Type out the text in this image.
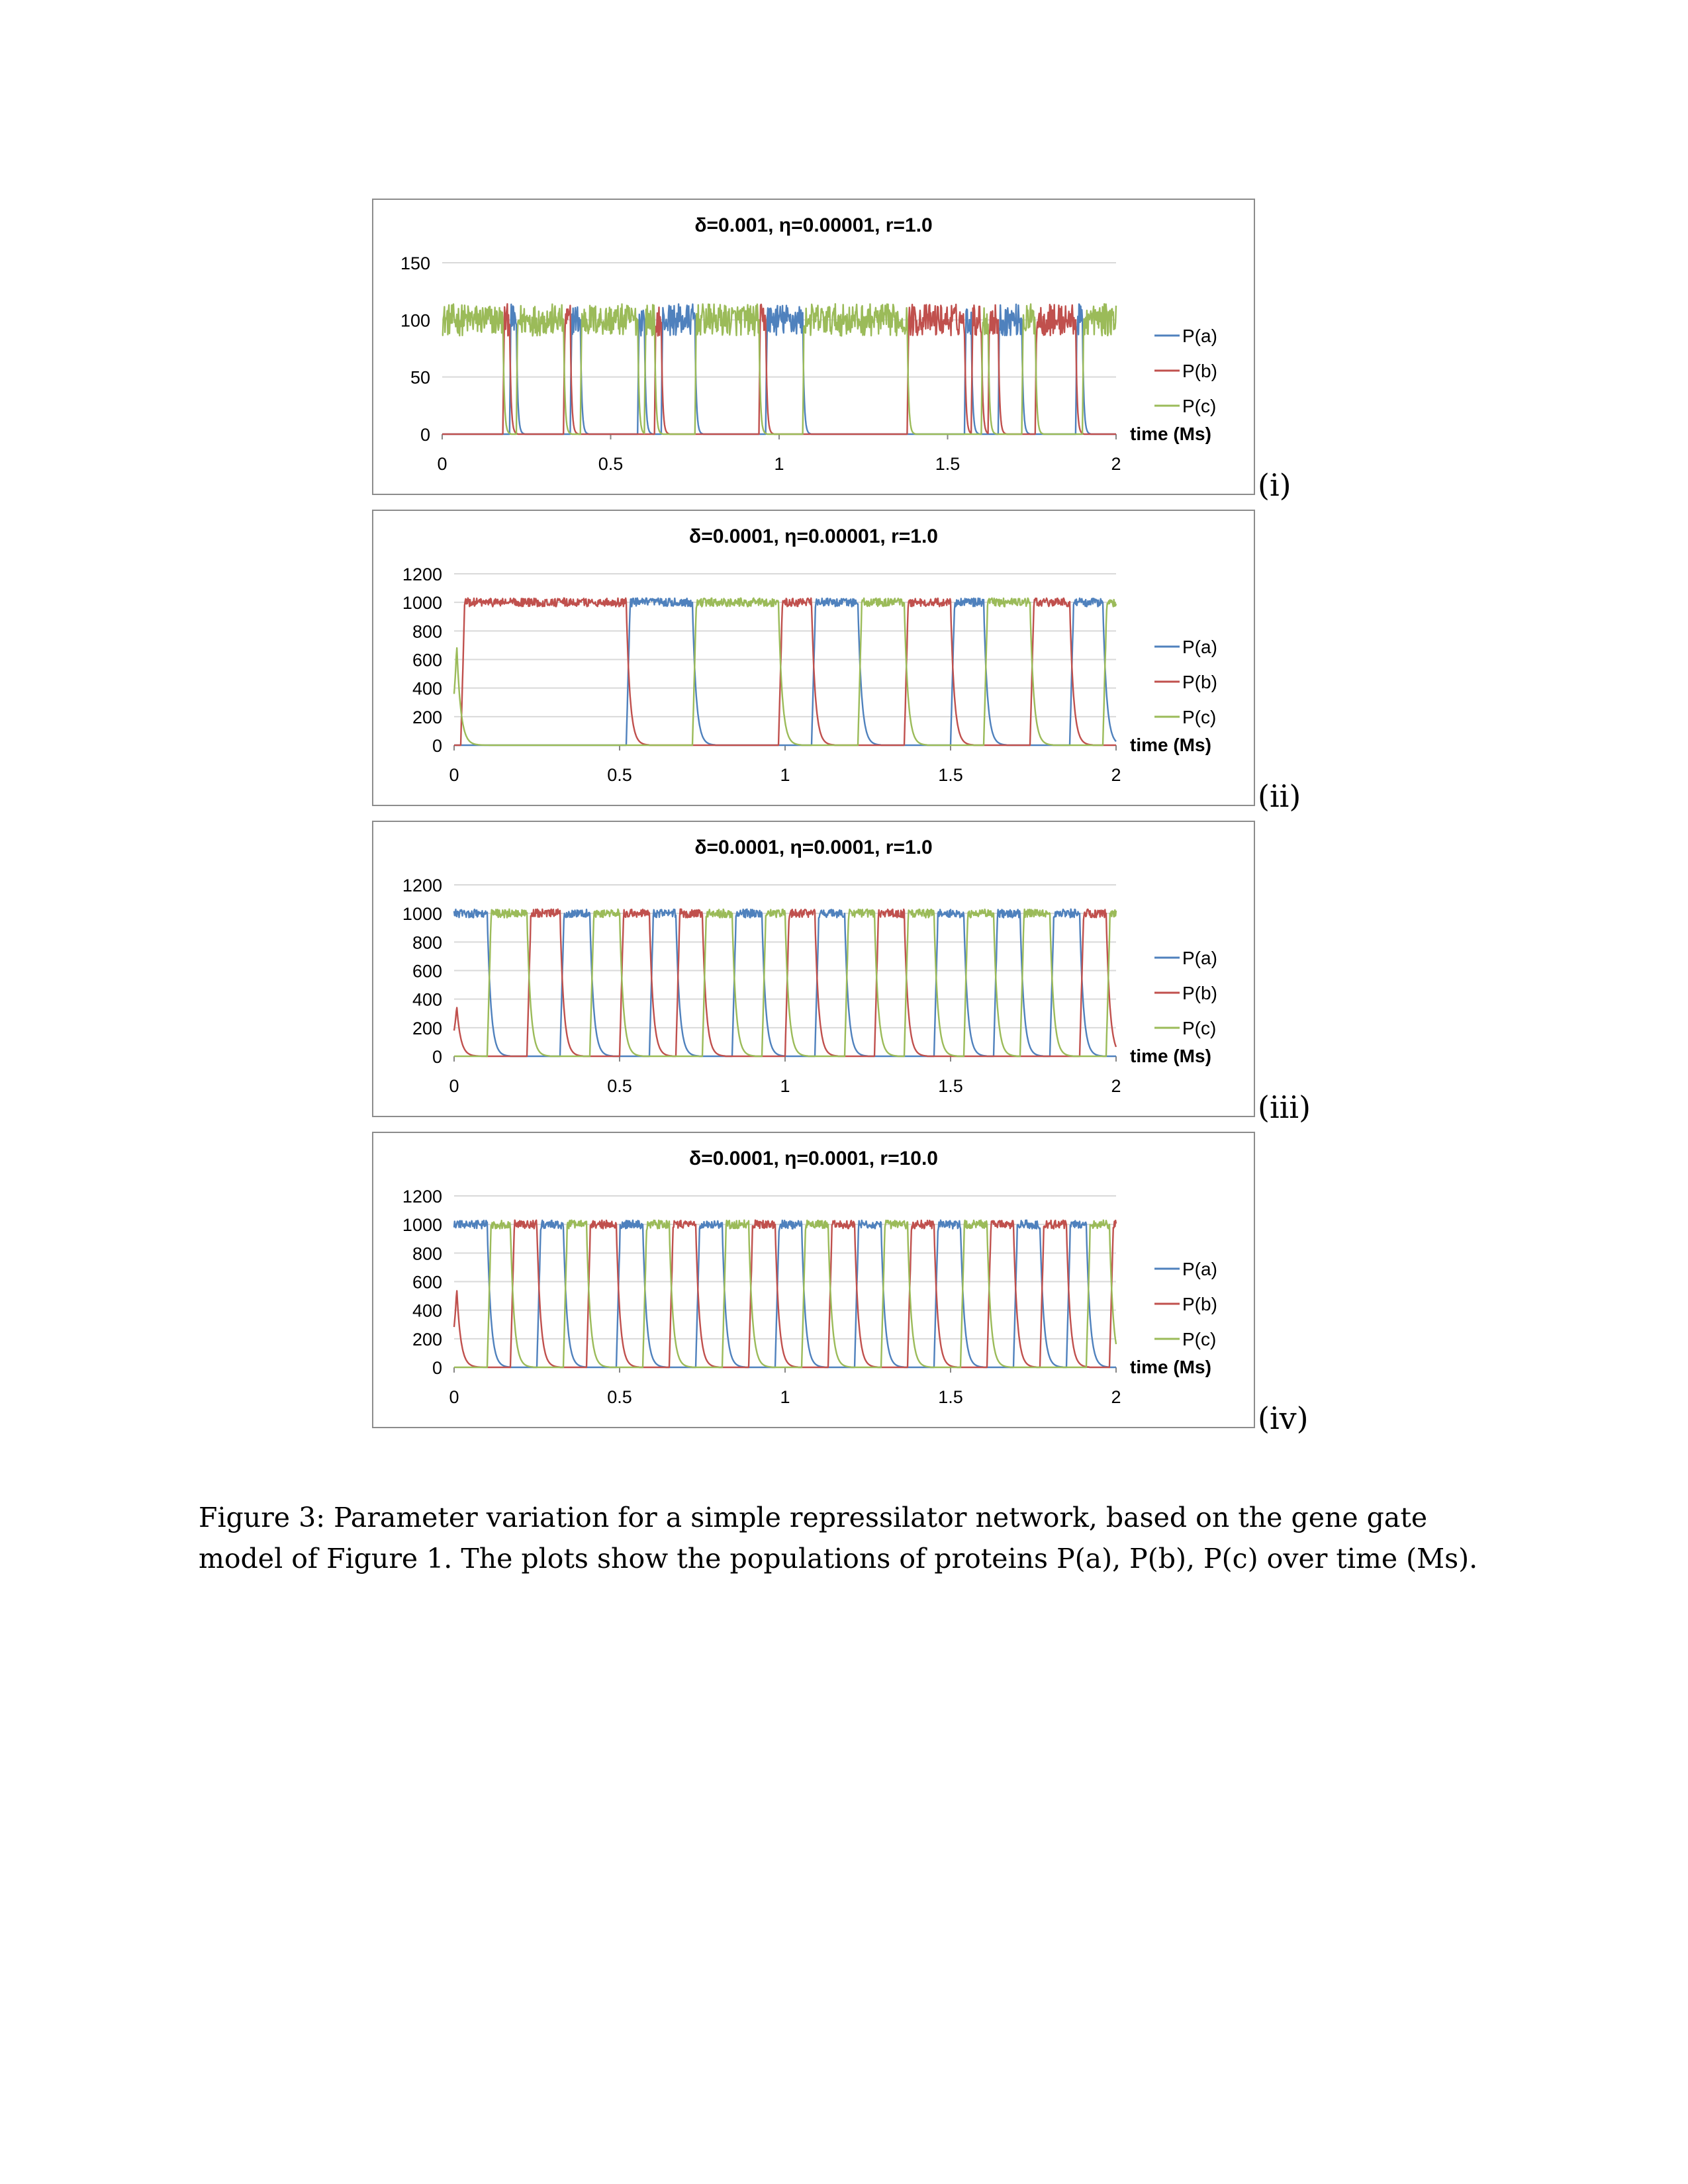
δ=0.001, η=0.00001, r=1.0
0
50
100
150
0	0.5	1	1.5	2
time (Ms)
P(a)
P(b)
P(c)
(i)
δ=0.0001, η=0.00001, r=1.0
0
200
400
600
800
1000
1200
0	0.5	1	1.5	2
time (Ms)
P(a)
P(b)
P(c)
(ii)
δ=0.0001, η=0.0001, r=1.0
0
200
400
600
800
1000
1200
0	0.5	1	1.5	2
time (Ms)
P(a)
P(b)
P(c)
(iii)
δ=0.0001, η=0.0001, r=10.0
0
200
400
600
800
1000
1200
0	0.5	1	1.5	2
time (Ms)
P(a)
P(b)
P(c)
(iv)
Figure 3: Parameter variation for a simple repressilator network, based on the gene gate model of Figure 1. The plots show the populations of proteins P(a), P(b), P(c) over time (Ms).
